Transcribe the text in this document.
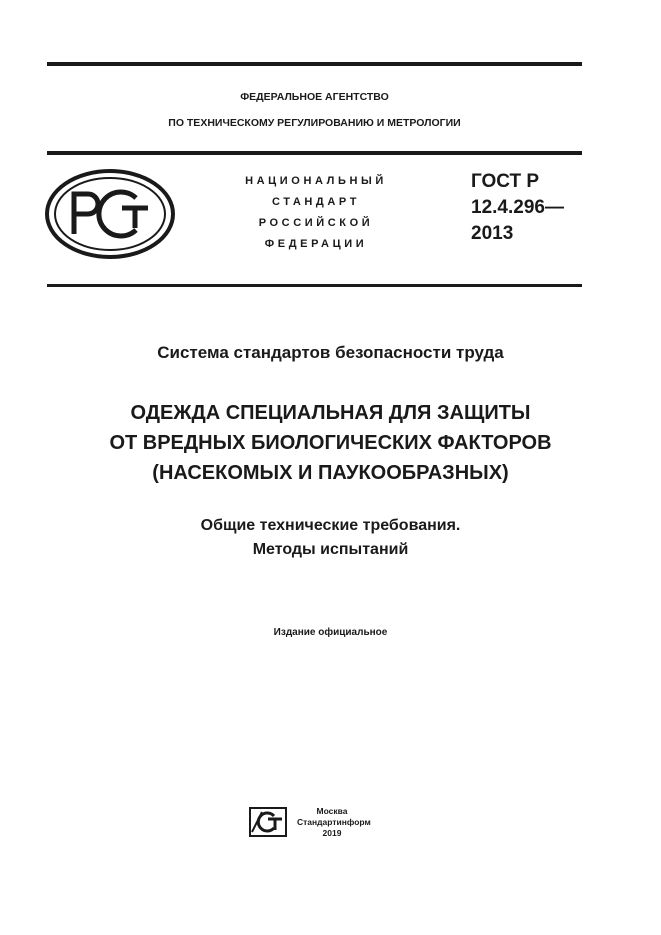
ФЕДЕРАЛЬНОЕ АГЕНТСТВО
ПО ТЕХНИЧЕСКОМУ РЕГУЛИРОВАНИЮ И МЕТРОЛОГИИ
НАЦИОНАЛЬНЫЙ
СТАНДАРТ
РОССИЙСКОЙ
ФЕДЕРАЦИИ
ГОСТ Р
12.4.296—
2013
Система стандартов безопасности труда
ОДЕЖДА СПЕЦИАЛЬНАЯ ДЛЯ ЗАЩИТЫ
ОТ ВРЕДНЫХ БИОЛОГИЧЕСКИХ ФАКТОРОВ
(НАСЕКОМЫХ И ПАУКООБРАЗНЫХ)
Общие технические требования.
Методы испытаний
Издание официальное
Москва
Стандартинформ
2019
